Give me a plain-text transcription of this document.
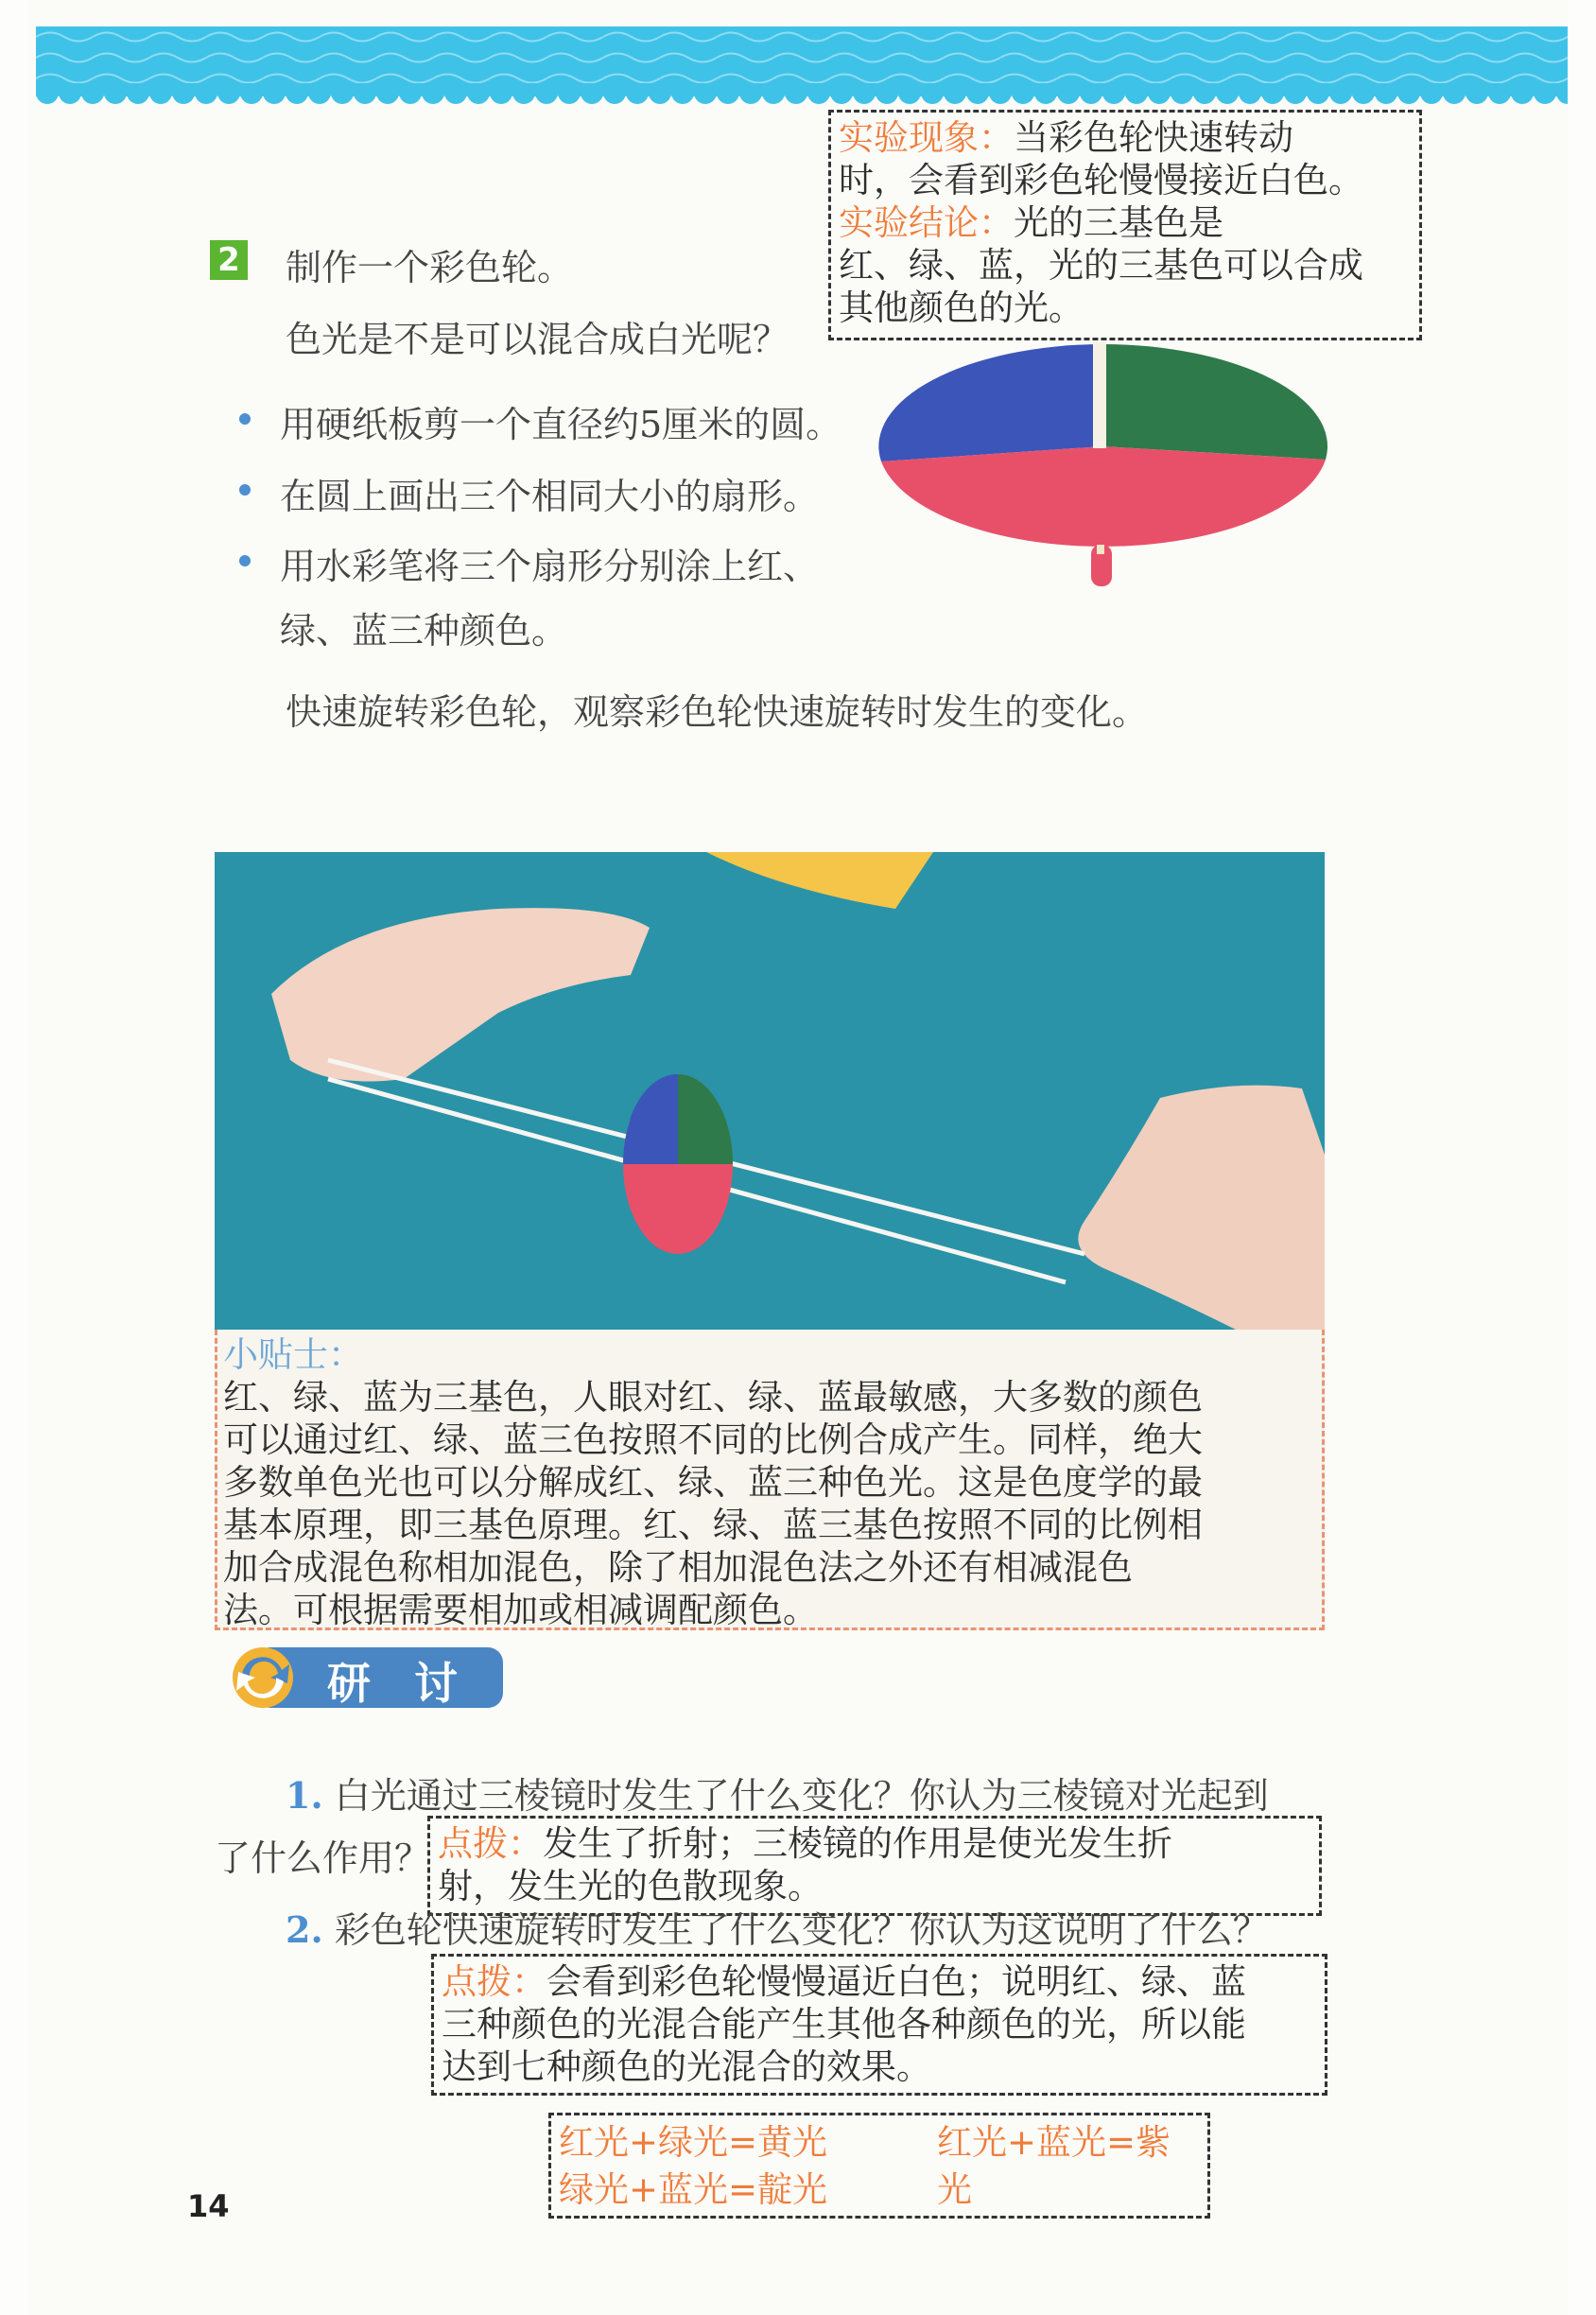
实验现象：当彩色轮快速转动
时，会看到彩色轮慢慢接近白色。
实验结论：光的三基色是
红、绿、蓝，光的三基色可以合成
其他颜色的光。
2 制作一个彩色轮。
色光是不是可以混合成白光呢？
用硬纸板剪一个直径约5厘米的圆。
在圆上画出三个相同大小的扇形。
用水彩笔将三个扇形分别涂上红、
绿、蓝三种颜色。
快速旋转彩色轮，观察彩色轮快速旋转时发生的变化。
小贴士：
红、绿、蓝为三基色，人眼对红、绿、蓝最敏感，大多数的颜色
可以通过红、绿、蓝三色按照不同的比例合成产生。同样，绝大
多数单色光也可以分解成红、绿、蓝三种色光。这是色度学的最
基本原理，即三基色原理。红、绿、蓝三基色按照不同的比例相
加合成混色称相加混色，除了相加混色法之外还有相减混色
法。可根据需要相加或相减调配颜色。
研　讨
1. 白光通过三棱镜时发生了什么变化？你认为三棱镜对光起到
了什么作用？ 点拨：发生了折射；三棱镜的作用是使光发生折
射，发生光的色散现象。
2. 彩色轮快速旋转时发生了什么变化？你认为这说明了什么？
点拨：会看到彩色轮慢慢逼近白色；说明红、绿、蓝
三种颜色的光混合能产生其他各种颜色的光，所以能
达到七种颜色的光混合的效果。
红光+绿光=黄光	红光+蓝光=紫光
绿光+蓝光=靛光
14
